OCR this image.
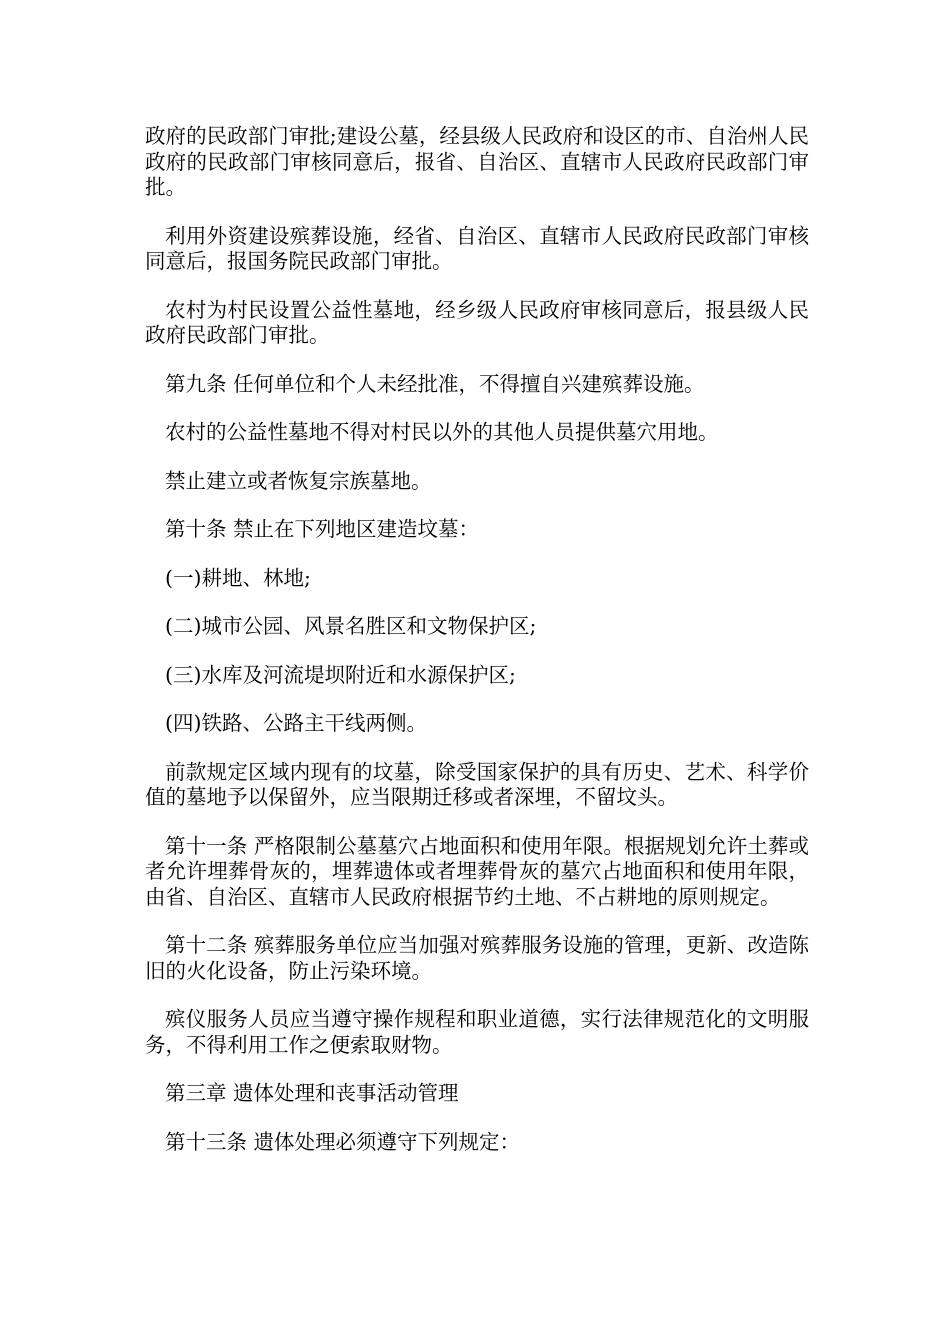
政府的民政部门审批;建设公墓，经县级人民政府和设区的市、自治州人民政府的民政部门审核同意后，报省、自治区、直辖市人民政府民政部门审批。

利用外资建设殡葬设施，经省、自治区、直辖市人民政府民政部门审核同意后，报国务院民政部门审批。

农村为村民设置公益性墓地，经乡级人民政府审核同意后，报县级人民政府民政部门审批。

第九条 任何单位和个人未经批准，不得擅自兴建殡葬设施。

农村的公益性墓地不得对村民以外的其他人员提供墓穴用地。

禁止建立或者恢复宗族墓地。

第十条 禁止在下列地区建造坟墓：

(一)耕地、林地;

(二)城市公园、风景名胜区和文物保护区;

(三)水库及河流堤坝附近和水源保护区;

(四)铁路、公路主干线两侧。

前款规定区域内现有的坟墓，除受国家保护的具有历史、艺术、科学价值的墓地予以保留外，应当限期迁移或者深埋，不留坟头。

第十一条 严格限制公墓墓穴占地面积和使用年限。根据规划允许土葬或者允许埋葬骨灰的，埋葬遗体或者埋葬骨灰的墓穴占地面积和使用年限，由省、自治区、直辖市人民政府根据节约土地、不占耕地的原则规定。

第十二条 殡葬服务单位应当加强对殡葬服务设施的管理，更新、改造陈旧的火化设备，防止污染环境。

殡仪服务人员应当遵守操作规程和职业道德，实行法律规范化的文明服务，不得利用工作之便索取财物。

第三章 遗体处理和丧事活动管理

第十三条 遗体处理必须遵守下列规定：
